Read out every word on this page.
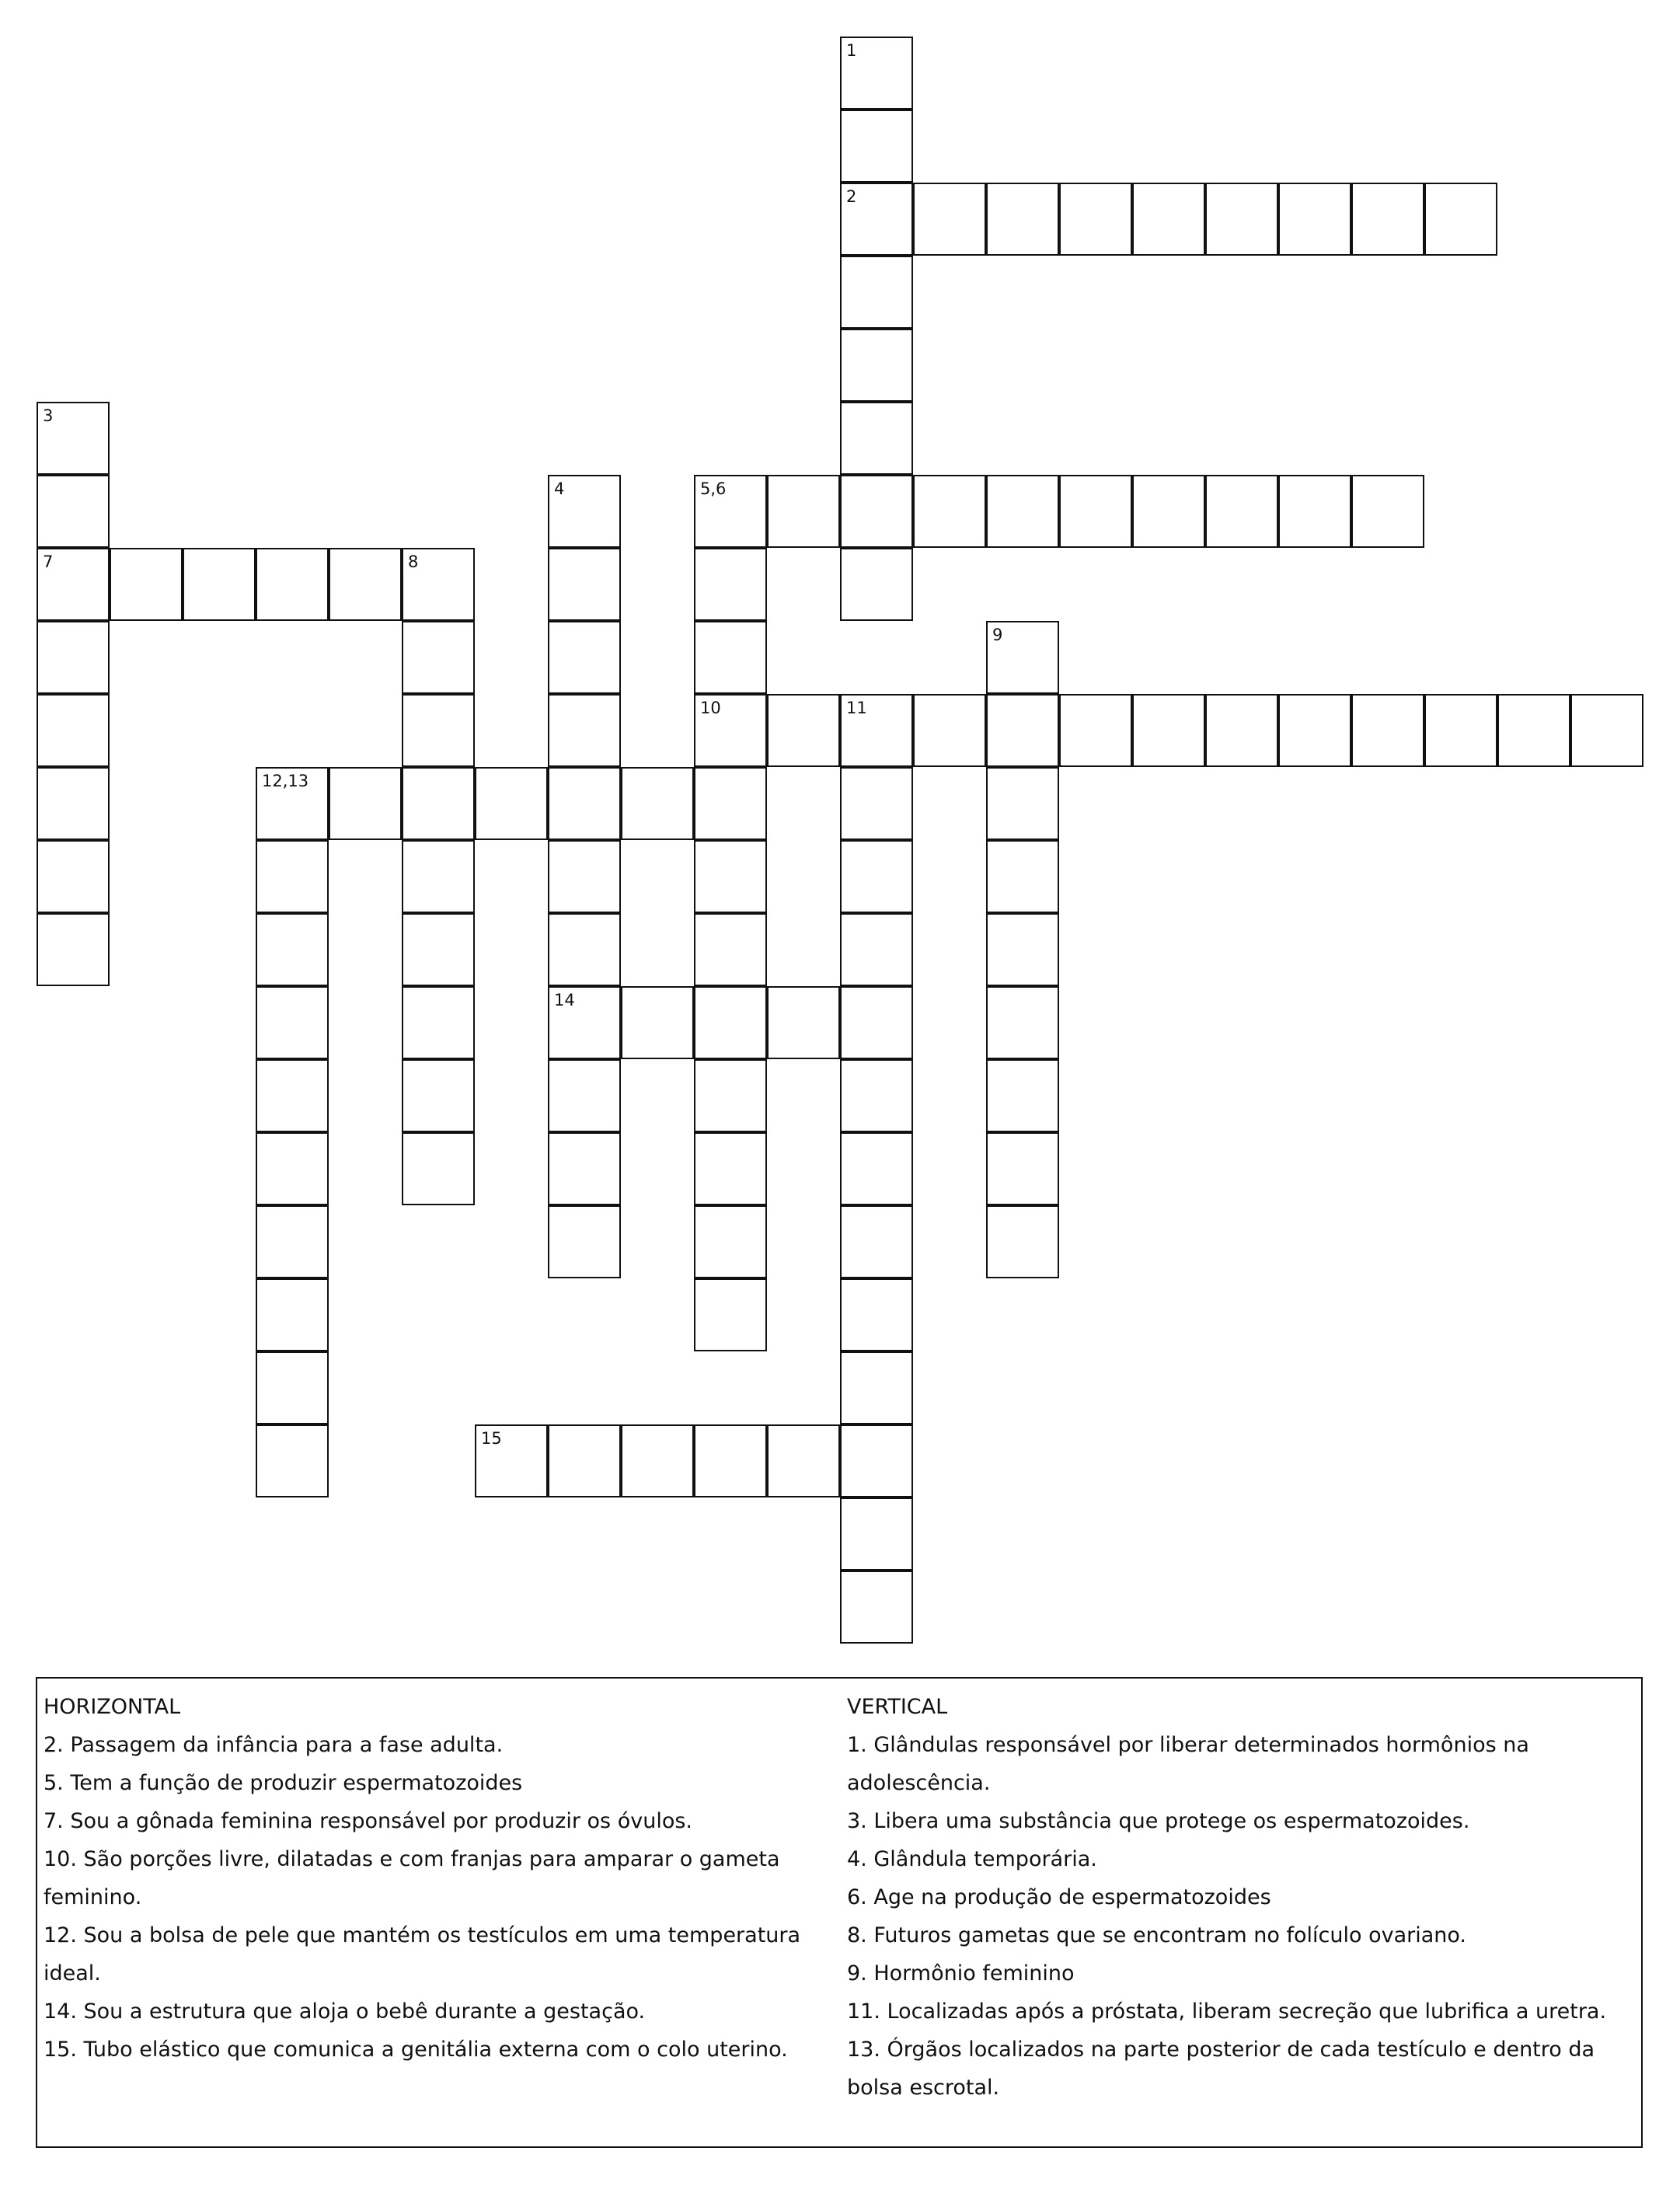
1
2
3
4	5,6
7	8
9
10	11
12,13
14
15

HORIZONTAL

2. Passagem da infância para a fase adulta.

5. Tem a função de produzir espermatozoides

7. Sou a gônada feminina responsável por produzir os óvulos.

10. São porções livre, dilatadas e com franjas para amparar o gameta

feminino.

12. Sou a bolsa de pele que mantém os testículos em uma temperatura

ideal.

14. Sou a estrutura que aloja o bebê durante a gestação.

15. Tubo elástico que comunica a genitália externa com o colo uterino.

VERTICAL

1. Glândulas responsável por liberar determinados hormônios na

adolescência.

3. Libera uma substância que protege os espermatozoides.

4. Glândula temporária.

6. Age na produção de espermatozoides

8. Futuros gametas que se encontram no folículo ovariano.

9. Hormônio feminino

11. Localizadas após a próstata, liberam secreção que lubrifica a uretra.

13. Órgãos localizados na parte posterior de cada testículo e dentro da

bolsa escrotal.
